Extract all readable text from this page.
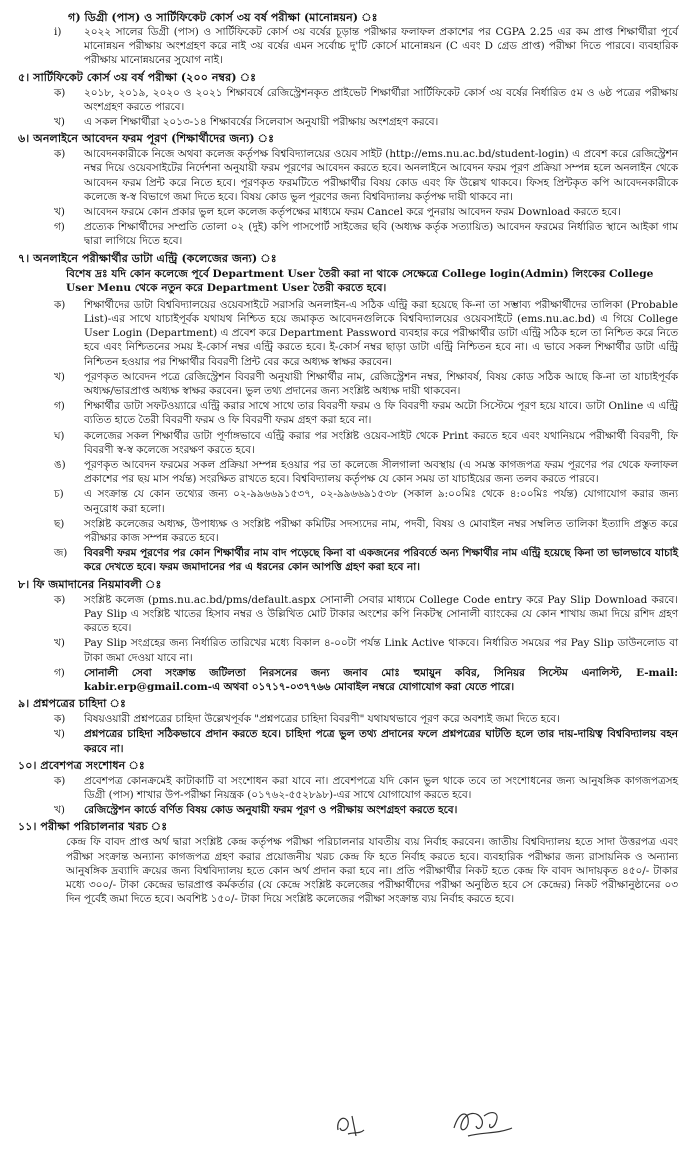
গ) ডিগ্রী (পাস) ও সার্টিফিকেট কোর্স ৩য় বর্ষ পরীক্ষা (মানোন্নয়ন) ঃ
i)	২০২২ সালের ডিগ্রী (পাস) ও সার্টিফিকেট কোর্স ৩য় বর্ষের চূড়ান্ত পরীক্ষার ফলাফল প্রকাশের পর CGPA 2.25 এর কম প্রাপ্ত শিক্ষার্থীরা পূর্বে মানোন্নয়ন পরীক্ষায় অংশগ্রহণ করে নাই ৩য় বর্ষের এমন সর্বোচ্চ দু'টি কোর্সে মানোন্নয়ন (C এবং D গ্রেড প্রাপ্ত) পরীক্ষা দিতে পারবে। ব্যবহারিক পরীক্ষায় মানোন্নয়নের সুযোগ নাই।
৫। সার্টিফিকেট কোর্স ৩য় বর্ষ পরীক্ষা (২০০ নম্বর) ঃ
ক)	২০১৮, ২০১৯, ২০২০ ও ২০২১ শিক্ষাবর্ষে রেজিস্ট্রেশনকৃত প্রাইভেট শিক্ষার্থীরা সার্টিফিকেট কোর্স ৩য় বর্ষের নির্ধারিত ৫ম ও ৬ষ্ঠ পত্রের পরীক্ষায় অংশগ্রহণ করতে পারবে।
খ)	এ সকল শিক্ষার্থীরা ২০১৩-১৪ শিক্ষাবর্ষের সিলেবাস অনুযায়ী পরীক্ষায় অংশগ্রহণ করবে।
৬। অনলাইনে আবেদন ফরম পূরণ (শিক্ষার্থীদের জন্য) ঃ
ক)	আবেদনকারীকে নিজে অথবা কলেজ কর্তৃপক্ষ বিশ্ববিদ্যালয়ের ওয়েব সাইট (http://ems.nu.ac.bd/student-login) এ প্রবেশ করে রেজিস্ট্রেশন নম্বর দিয়ে ওয়েবসাইটের নির্দেশনা অনুযায়ী ফরম পূরণের আবেদন করতে হবে। অনলাইনে আবেদন ফরম পূরণ প্রক্রিয়া সম্পন্ন হলে অনলাইন থেকে আবেদন ফরম প্রিন্ট করে নিতে হবে। পূরণকৃত ফরমটিতে পরীক্ষার্থীর বিষয় কোড এবং ফি উল্লেখ থাকবে। ফিসহ প্রিন্টকৃত কপি আবেদনকারীকে কলেজে স্ব-স্ব বিভাগে জমা দিতে হবে। বিষয় কোড ভুল পূরণের জন্য বিশ্ববিদ্যালয় কর্তৃপক্ষ দায়ী থাকবে না।
খ)	আবেদন ফরমে কোন প্রকার ভুল হলে কলেজ কর্তৃপক্ষের মাধ্যমে ফরম Cancel করে পুনরায় আবেদন ফরম Download করতে হবে।
গ)	প্রত্যেক শিক্ষার্থীদের সম্প্রতি তোলা ০২ (দুই) কপি পাসপোর্ট সাইজের ছবি (অধ্যক্ষ কর্তৃক সত্যায়িত) আবেদন ফরমের নির্ধারিত স্থানে আইকা গাম দ্বারা লাগিয়ে দিতে হবে।
৭। অনলাইনে পরীক্ষার্থীর ডাটা এন্ট্রি (কলেজের জন্য) ঃ
বিশেষ দ্রঃ যদি কোন কলেজে পূর্বে Department User তৈরী করা না থাকে সেক্ষেত্রে College login(Admin) লিংকের College User Menu থেকে নতুন করে Department User তৈরী করতে হবে।
ক)	শিক্ষার্থীদের ডাটা বিশ্ববিদ্যালয়ের ওয়েবসাইটে সরাসরি অনলাইন-এ সঠিক এন্ট্রি করা হয়েছে কি-না তা সম্ভাব্য পরীক্ষার্থীদের তালিকা (Probable List)-এর সাথে যাচাইপূর্বক যথাযথ নিশ্চিত হয়ে জমাকৃত আবেদনগুলিকে বিশ্ববিদ্যালয়ের ওয়েবসাইটে (ems.nu.ac.bd) এ গিয়ে College User Login (Department) এ প্রবেশ করে Department Password ব্যবহার করে পরীক্ষার্থীর ডাটা এন্ট্রি সঠিক হলে তা নিশ্চিত করে নিতে হবে এবং নিশ্চিতনের সময় ই-কোর্স নম্বর এন্ট্রি করতে হবে। ই-কোর্স নম্বর ছাড়া ডাটা এন্ট্রি নিশ্চিতন হবে না। এ ভাবে সকল শিক্ষার্থীর ডাটা এন্ট্রি নিশ্চিতন হওয়ার পর শিক্ষার্থীর বিবরণী প্রিন্ট বের করে অধ্যক্ষ স্বাক্ষর করবেন।
খ)	পূরণকৃত আবেদন পত্রে রেজিস্ট্রেশন বিবরণী অনুযায়ী শিক্ষার্থীর নাম, রেজিস্ট্রেশন নম্বর, শিক্ষাবর্ষ, বিষয় কোড সঠিক আছে কি-না তা যাচাইপূর্বক অধ্যক্ষ/ভারপ্রাপ্ত অধ্যক্ষ স্বাক্ষর করবেন। ভুল তথ্য প্রদানের জন্য সংশ্লিষ্ট অধ্যক্ষ দায়ী থাকবেন।
গ)	শিক্ষার্থীর ডাটা সফটওয়্যারে এন্ট্রি করার সাথে সাথে তার বিবরণী ফরম ও ফি বিবরণী ফরম অটো সিস্টেমে পূরণ হয়ে যাবে। ডাটা Online এ এন্ট্রি ব্যতিত হাতে তৈরী বিবরণী ফরম ও ফি বিবরণী ফরম গ্রহণ করা হবে না।
ঘ)	কলেজের সকল শিক্ষার্থীর ডাটা পূর্ণাঙ্গভাবে এন্ট্রি করার পর সংশ্লিষ্ট ওয়েব-সাইট থেকে Print করতে হবে এবং যথানিয়মে পরীক্ষার্থী বিবরণী, ফি বিবরণী স্ব-স্ব কলেজে সংরক্ষণ করতে হবে।
ঙ)	পূরণকৃত আবেদন ফরমের সকল প্রক্রিয়া সম্পন্ন হওয়ার পর তা কলেজে সীলগালা অবস্থায় (এ সমস্ত কাগজপত্র ফরম পূরণের পর থেকে ফলাফল প্রকাশের পর ছয় মাস পর্যন্ত) সংরক্ষিত রাখতে হবে। বিশ্ববিদ্যালয় কর্তৃপক্ষ যে কোন সময় তা যাচাইয়ের জন্য তলব করতে পারবে।
চ)	এ সংক্রান্ত যে কোন তথ্যের জন্য ০২-৯৯৬৬৯১৫৩৭, ০২-৯৯৬৬৯১৫৩৮ (সকাল ৯:০০মিঃ থেকে ৪:০০মিঃ পর্যন্ত) যোগাযোগ করার জন্য অনুরোধ করা হলো।
ছ)	সংশ্লিষ্ট কলেজের অধ্যক্ষ, উপাধ্যক্ষ ও সংশ্লিষ্ট পরীক্ষা কমিটির সদস্যদের নাম, পদবী, বিষয় ও মোবাইল নম্বর সম্বলিত তালিকা ইত্যাদি প্রস্তুত করে পরীক্ষার কাজ সম্পন্ন করতে হবে।
জ)	বিবরণী ফরম পূরণের পর কোন শিক্ষার্থীর নাম বাদ পড়েছে কিনা বা একজনের পরিবর্তে অন্য শিক্ষার্থীর নাম এন্ট্রি হয়েছে কিনা তা ভালভাবে যাচাই করে দেখতে হবে। ফরম জমাদানের পর এ ধরনের কোন আপত্তি গ্রহণ করা হবে না।
৮। ফি জমাদানের নিয়মাবলী ঃ
ক)	সংশ্লিষ্ট কলেজ (pms.nu.ac.bd/pms/default.aspx সোনালী সেবার মাধ্যমে College Code entry করে Pay Slip Download করবে। Pay Slip এ সংশ্লিষ্ট খাতের হিসাব নম্বর ও উল্লিখিত মোট টাকার অংশের কপি নিকটস্থ সোনালী ব্যাংকের যে কোন শাখায় জমা দিয়ে রশিদ গ্রহণ করতে হবে।
খ)	Pay Slip সংগ্রহের জন্য নির্ধারিত তারিখের মধ্যে বিকাল ৪-০০টা পর্যন্ত Link Active থাকবে। নির্ধারিত সময়ের পর Pay Slip ডাউনলোড বা টাকা জমা দেওয়া যাবে না।
গ)	সোনালী সেবা সংক্রান্ত জটিলতা নিরসনের জন্য জনাব মোঃ হুমায়ুন কবির, সিনিয়র সিস্টেম এনালিস্ট, E-mail: kabir.erp@gmail.com-এ অথবা ০১৭১৭-০৩৭৭৬৬ মোবাইল নম্বরে যোগাযোগ করা যেতে পারে।
৯। প্রশ্নপত্রের চাহিদা ঃ
ক)	বিষয়ওয়ারী প্রশ্নপত্রের চাহিদা উল্লেখপূর্বক "প্রশ্নপত্রের চাহিদা বিবরণী" যথাযথভাবে পূরণ করে অবশ্যই জমা দিতে হবে।
খ)	প্রশ্নপত্রের চাহিদা সঠিকভাবে প্রদান করতে হবে। চাহিদা পত্রে ভুল তথ্য প্রদানের ফলে প্রশ্নপত্রের ঘাটতি হলে তার দায়-দায়িত্ব বিশ্ববিদ্যালয় বহন করবে না।
১০। প্রবেশপত্র সংশোধন ঃ
ক)	প্রবেশপত্র কোনক্রমেই কাটাকাটি বা সংশোধন করা যাবে না। প্রবেশপত্রে যদি কোন ভুল থাকে তবে তা সংশোধনের জন্য আনুষঙ্গিক কাগজপত্রসহ ডিগ্রী (পাস) শাখার উপ-পরীক্ষা নিয়ন্ত্রক (০১৭৬২-৫৫২৮৯৮)-এর সাথে যোগাযোগ করতে হবে।
খ)	রেজিস্ট্রেশন কার্ডে বর্ণিত বিষয় কোড অনুযায়ী ফরম পূরণ ও পরীক্ষায় অংশগ্রহণ করতে হবে।
১১। পরীক্ষা পরিচালনার খরচ ঃ
কেন্দ্র ফি বাবদ প্রাপ্ত অর্থ দ্বারা সংশ্লিষ্ট কেন্দ্র কর্তৃপক্ষ পরীক্ষা পরিচালনার যাবতীয় ব্যয় নির্বাহ করবেন। জাতীয় বিশ্ববিদ্যালয় হতে সাদা উত্তরপত্র এবং পরীক্ষা সংক্রান্ত অন্যান্য কাগজপত্র গ্রহণ করার প্রয়োজনীয় খরচ কেন্দ্র ফি হতে নির্বাহ করতে হবে। ব্যবহারিক পরীক্ষার জন্য রাসায়নিক ও অন্যান্য আনুষঙ্গিক দ্রব্যাদি ক্রয়ের জন্য বিশ্ববিদ্যালয় হতে কোন অর্থ প্রদান করা হবে না। প্রতি পরীক্ষার্থীর নিকট হতে কেন্দ্র ফি বাবদ আদায়কৃত ৪৫০/- টাকার মধ্যে ৩০০/- টাকা কেন্দ্রের ভারপ্রাপ্ত কর্মকর্তার (যে কেন্দ্রে সংশ্লিষ্ট কলেজের পরীক্ষার্থীদের পরীক্ষা অনুষ্ঠিত হবে সে কেন্দ্রের) নিকট পরীক্ষানুষ্ঠানের ০৩ দিন পূর্বেই জমা দিতে হবে। অবশিষ্ট ১৫০/- টাকা দিয়ে সংশ্লিষ্ট কলেজের পরীক্ষা সংক্রান্ত ব্যয় নির্বাহ করতে হবে।
